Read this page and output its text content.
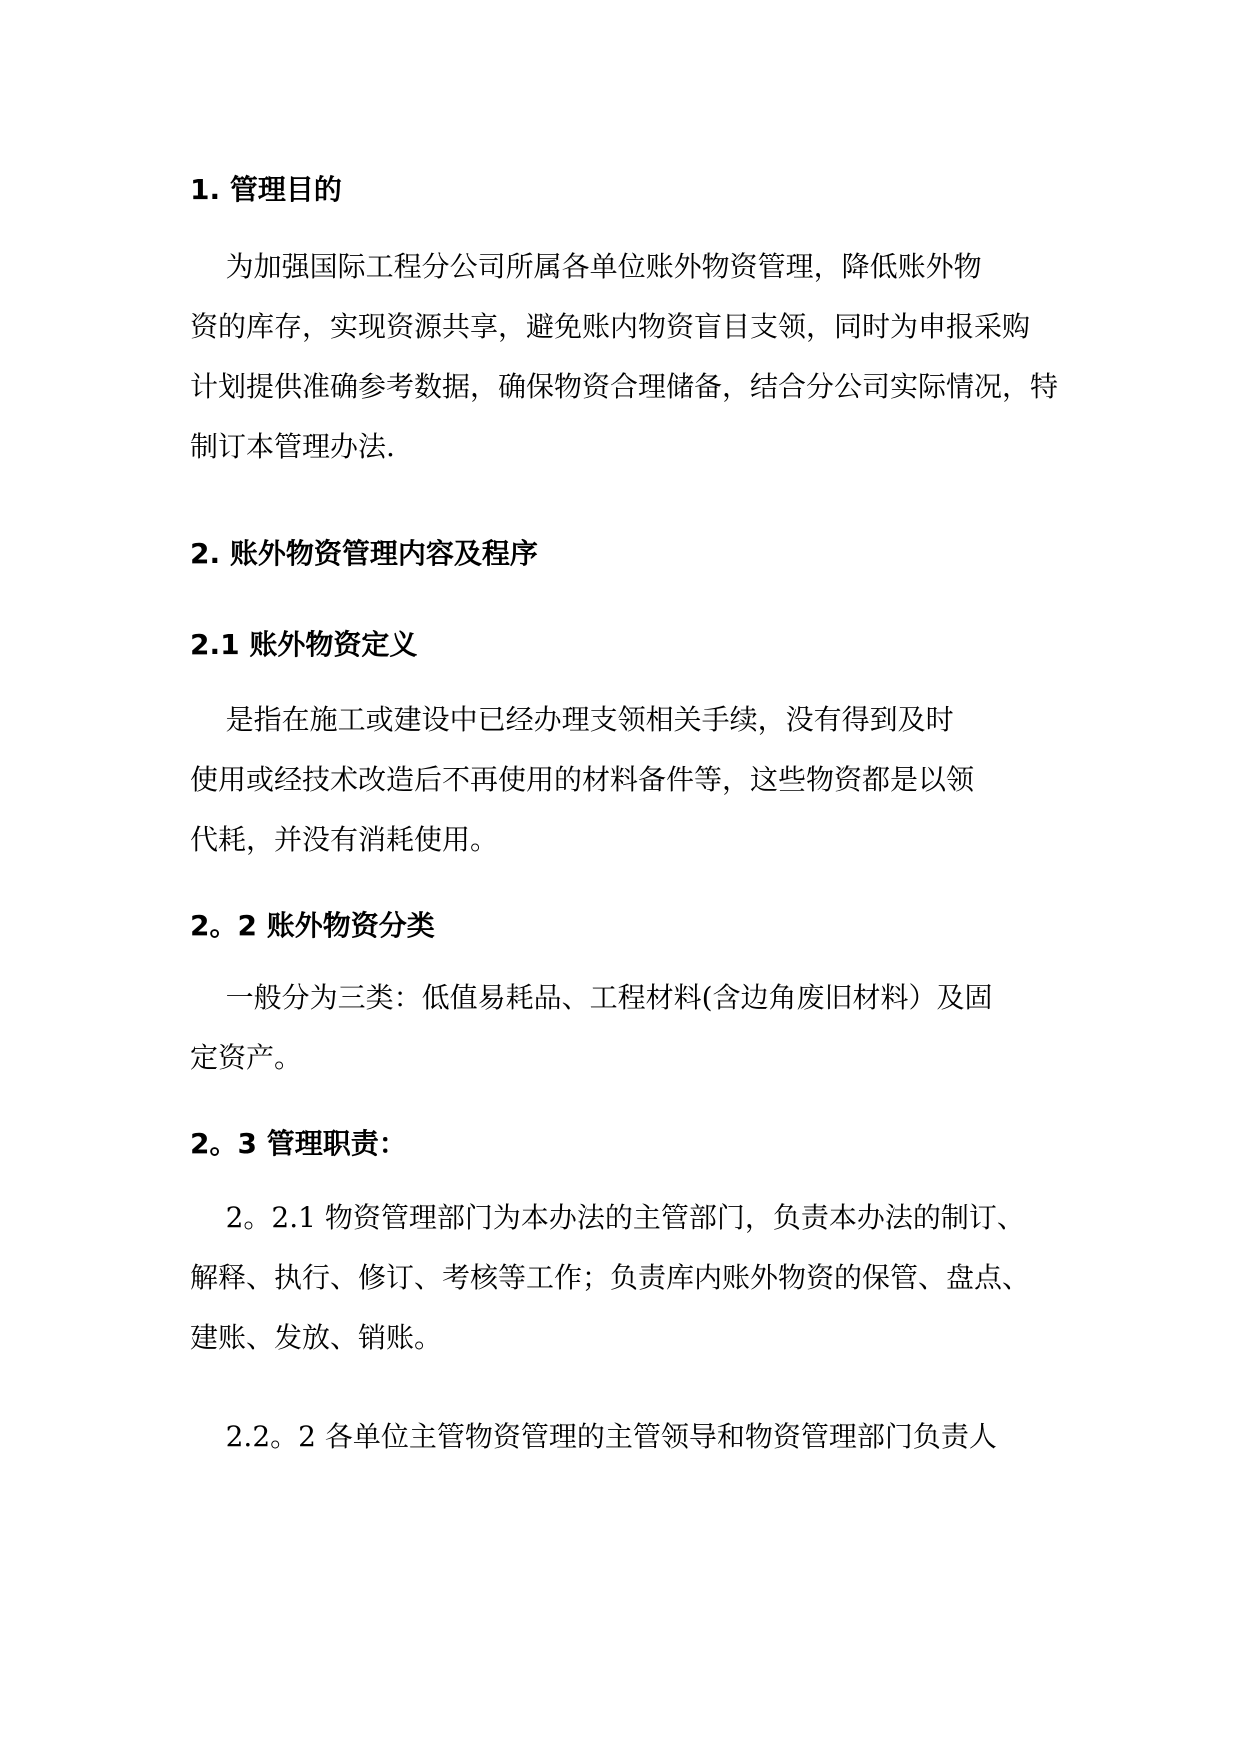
1. 管理目的
为加强国际工程分公司所属各单位账外物资管理，降低账外物
资的库存，实现资源共享，避免账内物资盲目支领，同时为申报采购
计划提供准确参考数据，确保物资合理储备，结合分公司实际情况，特
制订本管理办法.
2. 账外物资管理内容及程序
2.1 账外物资定义
是指在施工或建设中已经办理支领相关手续，没有得到及时
使用或经技术改造后不再使用的材料备件等，这些物资都是以领
代耗，并没有消耗使用。
2。2 账外物资分类
一般分为三类：低值易耗品、工程材料(含边角废旧材料）及固
定资产。
2。3 管理职责：
2。2.1 物资管理部门为本办法的主管部门，负责本办法的制订、
解释、执行、修订、考核等工作；负责库内账外物资的保管、盘点、
建账、发放、销账。
2.2。2 各单位主管物资管理的主管领导和物资管理部门负责人
